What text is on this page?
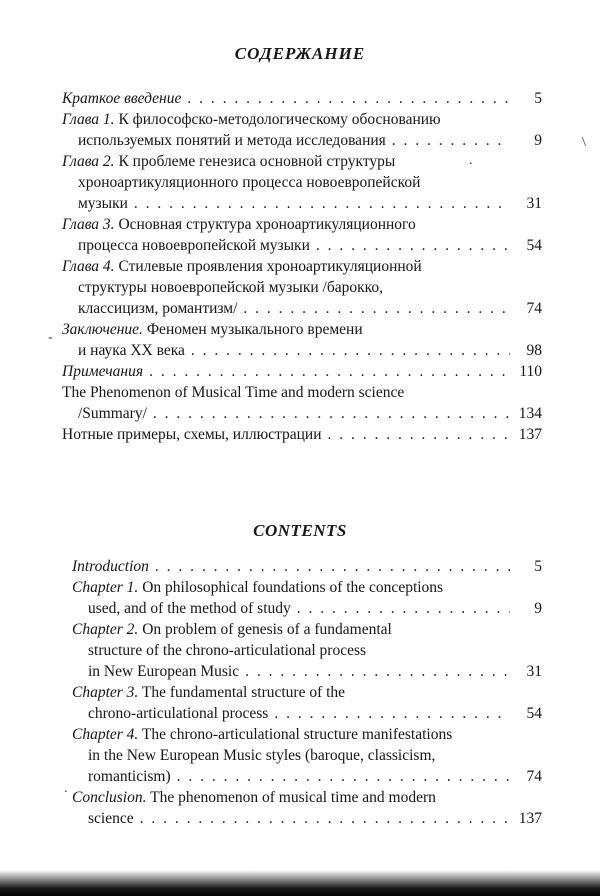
СОДЕРЖАНИЕ
Краткое введение . . .	5
Глава 1. К философско-методологическому обоснованию
используемых понятий и метода исследования . . .	9
Глава 2. К проблеме генезиса основной структуры
хроноартикуляционного процесса новоевропейской
музыки . . .	31
Глава 3. Основная структура хроноартикуляционного
процесса новоевропейской музыки . . .	54
Глава 4. Стилевые проявления хроноартикуляционной
структуры новоевропейской музыки /барокко,
классицизм, романтизм/ . . .	74
Заключение. Феномен музыкального времени
и наука XX века . . .	98
Примечания . . .	110
The Phenomenon of Musical Time and modern science
/Summary/ . . .	134
Нотные примеры, схемы, иллюстрации . . .	137
CONTENTS
Introduction . . .	5
Chapter 1. On philosophical foundations of the conceptions
used, and of the method of study . . .	9
Chapter 2. On problem of genesis of a fundamental
structure of the chrono-articulational process
in New European Music . . .	31
Chapter 3. The fundamental structure of the
chrono-articulational process . . .	54
Chapter 4. The chrono-articulational structure manifestations
in the New European Music styles (baroque, classicism,
romanticism) . . .	74
Conclusion. The phenomenon of musical time and modern
science . . .	137
.
-
\
.
